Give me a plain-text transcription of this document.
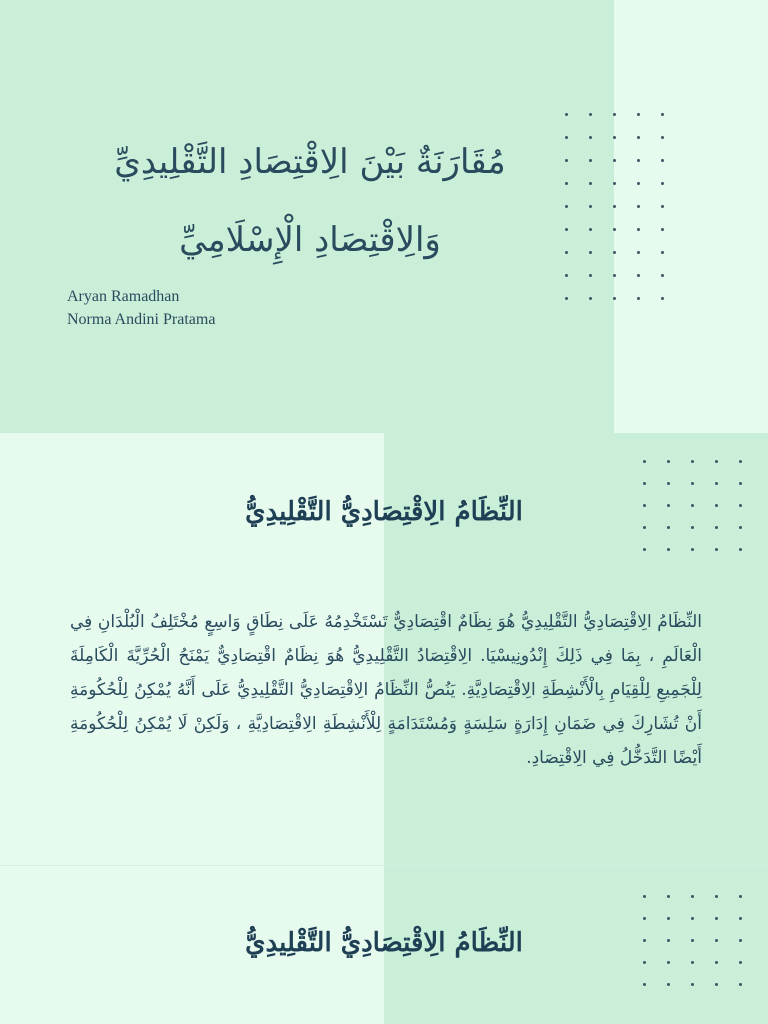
مُقَارَنَةٌ بَيْنَ الِاقْتِصَادِ التَّقْلِيدِيِّ
وَالِاقْتِصَادِ الْإِسْلَامِيِّ
Aryan Ramadhan
Norma Andini Pratama
النِّظَامُ الِاقْتِصَادِيُّ التَّقْلِيدِيُّ
النِّظَامُ الِاقْتِصَادِيُّ التَّقْلِيدِيُّ هُوَ نِظَامٌ اقْتِصَادِيٌّ تَسْتَخْدِمُهُ عَلَى نِطَاقٍ وَاسِعٍ مُخْتَلِفُ الْبُلْدَانِ فِي الْعَالَمِ ، بِمَا فِي ذَلِكَ إِنْدُونِيسْيَا. الِاقْتِصَادُ التَّقْلِيدِيُّ هُوَ نِظَامٌ اقْتِصَادِيٌّ يَمْنَحُ الْحُرِّيَّةَ الْكَامِلَةَ لِلْجَمِيعِ لِلْقِيَامِ بِالْأَنْشِطَةِ الِاقْتِصَادِيَّةِ. يَنُصُّ النِّظَامُ الِاقْتِصَادِيُّ التَّقْلِيدِيُّ عَلَى أَنَّهُ يُمْكِنُ لِلْحُكُومَةِ أَنْ تُشَارِكَ فِي ضَمَانِ إِدَارَةٍ سَلِسَةٍ وَمُسْتَدَامَةٍ لِلْأَنْشِطَةِ الِاقْتِصَادِيَّةِ ، وَلَكِنْ لَا يُمْكِنُ لِلْحُكُومَةِ أَيْضًا التَّدَخُّلُ فِي الِاقْتِصَادِ.
النِّظَامُ الِاقْتِصَادِيُّ التَّقْلِيدِيُّ
